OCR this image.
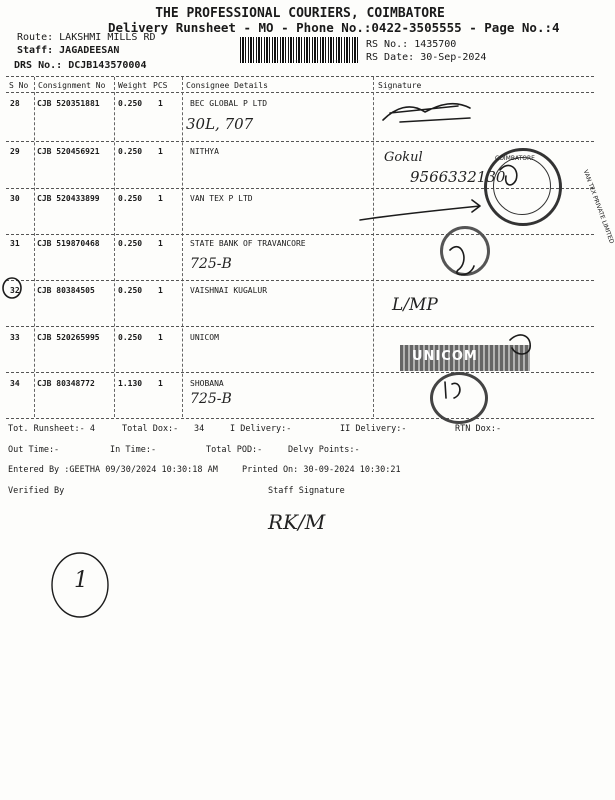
THE PROFESSIONAL COURIERS, COIMBATORE
Delivery Runsheet - MO - Phone No.:0422-3505555 - Page No.:4
Route: LAKSHMI MILLS RD
Staff: JAGADEESAN
DRS No.: DCJB143570004
RS No.: 1435700
RS Date: 30-Sep-2024
S No Consignment No Weight PCS Consignee Details	Signature
28 CJB 520351881 0.250 1	BEC GLOBAL P LTD
30L, 707
29 CJB 520456921 0.250 1	NITHYA	Gokul
9566332130
30 CJB 520433899 0.250 1	VAN TEX P LTD
31 CJB 519870468 0.250 1	STATE BANK OF TRAVANCORE
725-B
32 CJB 80384505	0.250 1	VAISHNAI KUGALUR
L/MP
33 CJB 520265995 0.250 1	UNICOM
34 CJB 80348772	1.130 1	SHOBANA
725-B
COIMBATORE
VAN TEX PRIVATE LIMITED
UNICOM
1
Tot. Runsheet:- 4	Total Dox:- 34	I Delivery:-	II Delivery:-	RTN Dox:-
Out Time:-	In Time:-	Total POD:-	Delvy Points:-
Entered By :GEETHA 09/30/2024 10:30:18 AM	Printed On: 30-09-2024 10:30:21
Verified By	Staff Signature
RK/M
